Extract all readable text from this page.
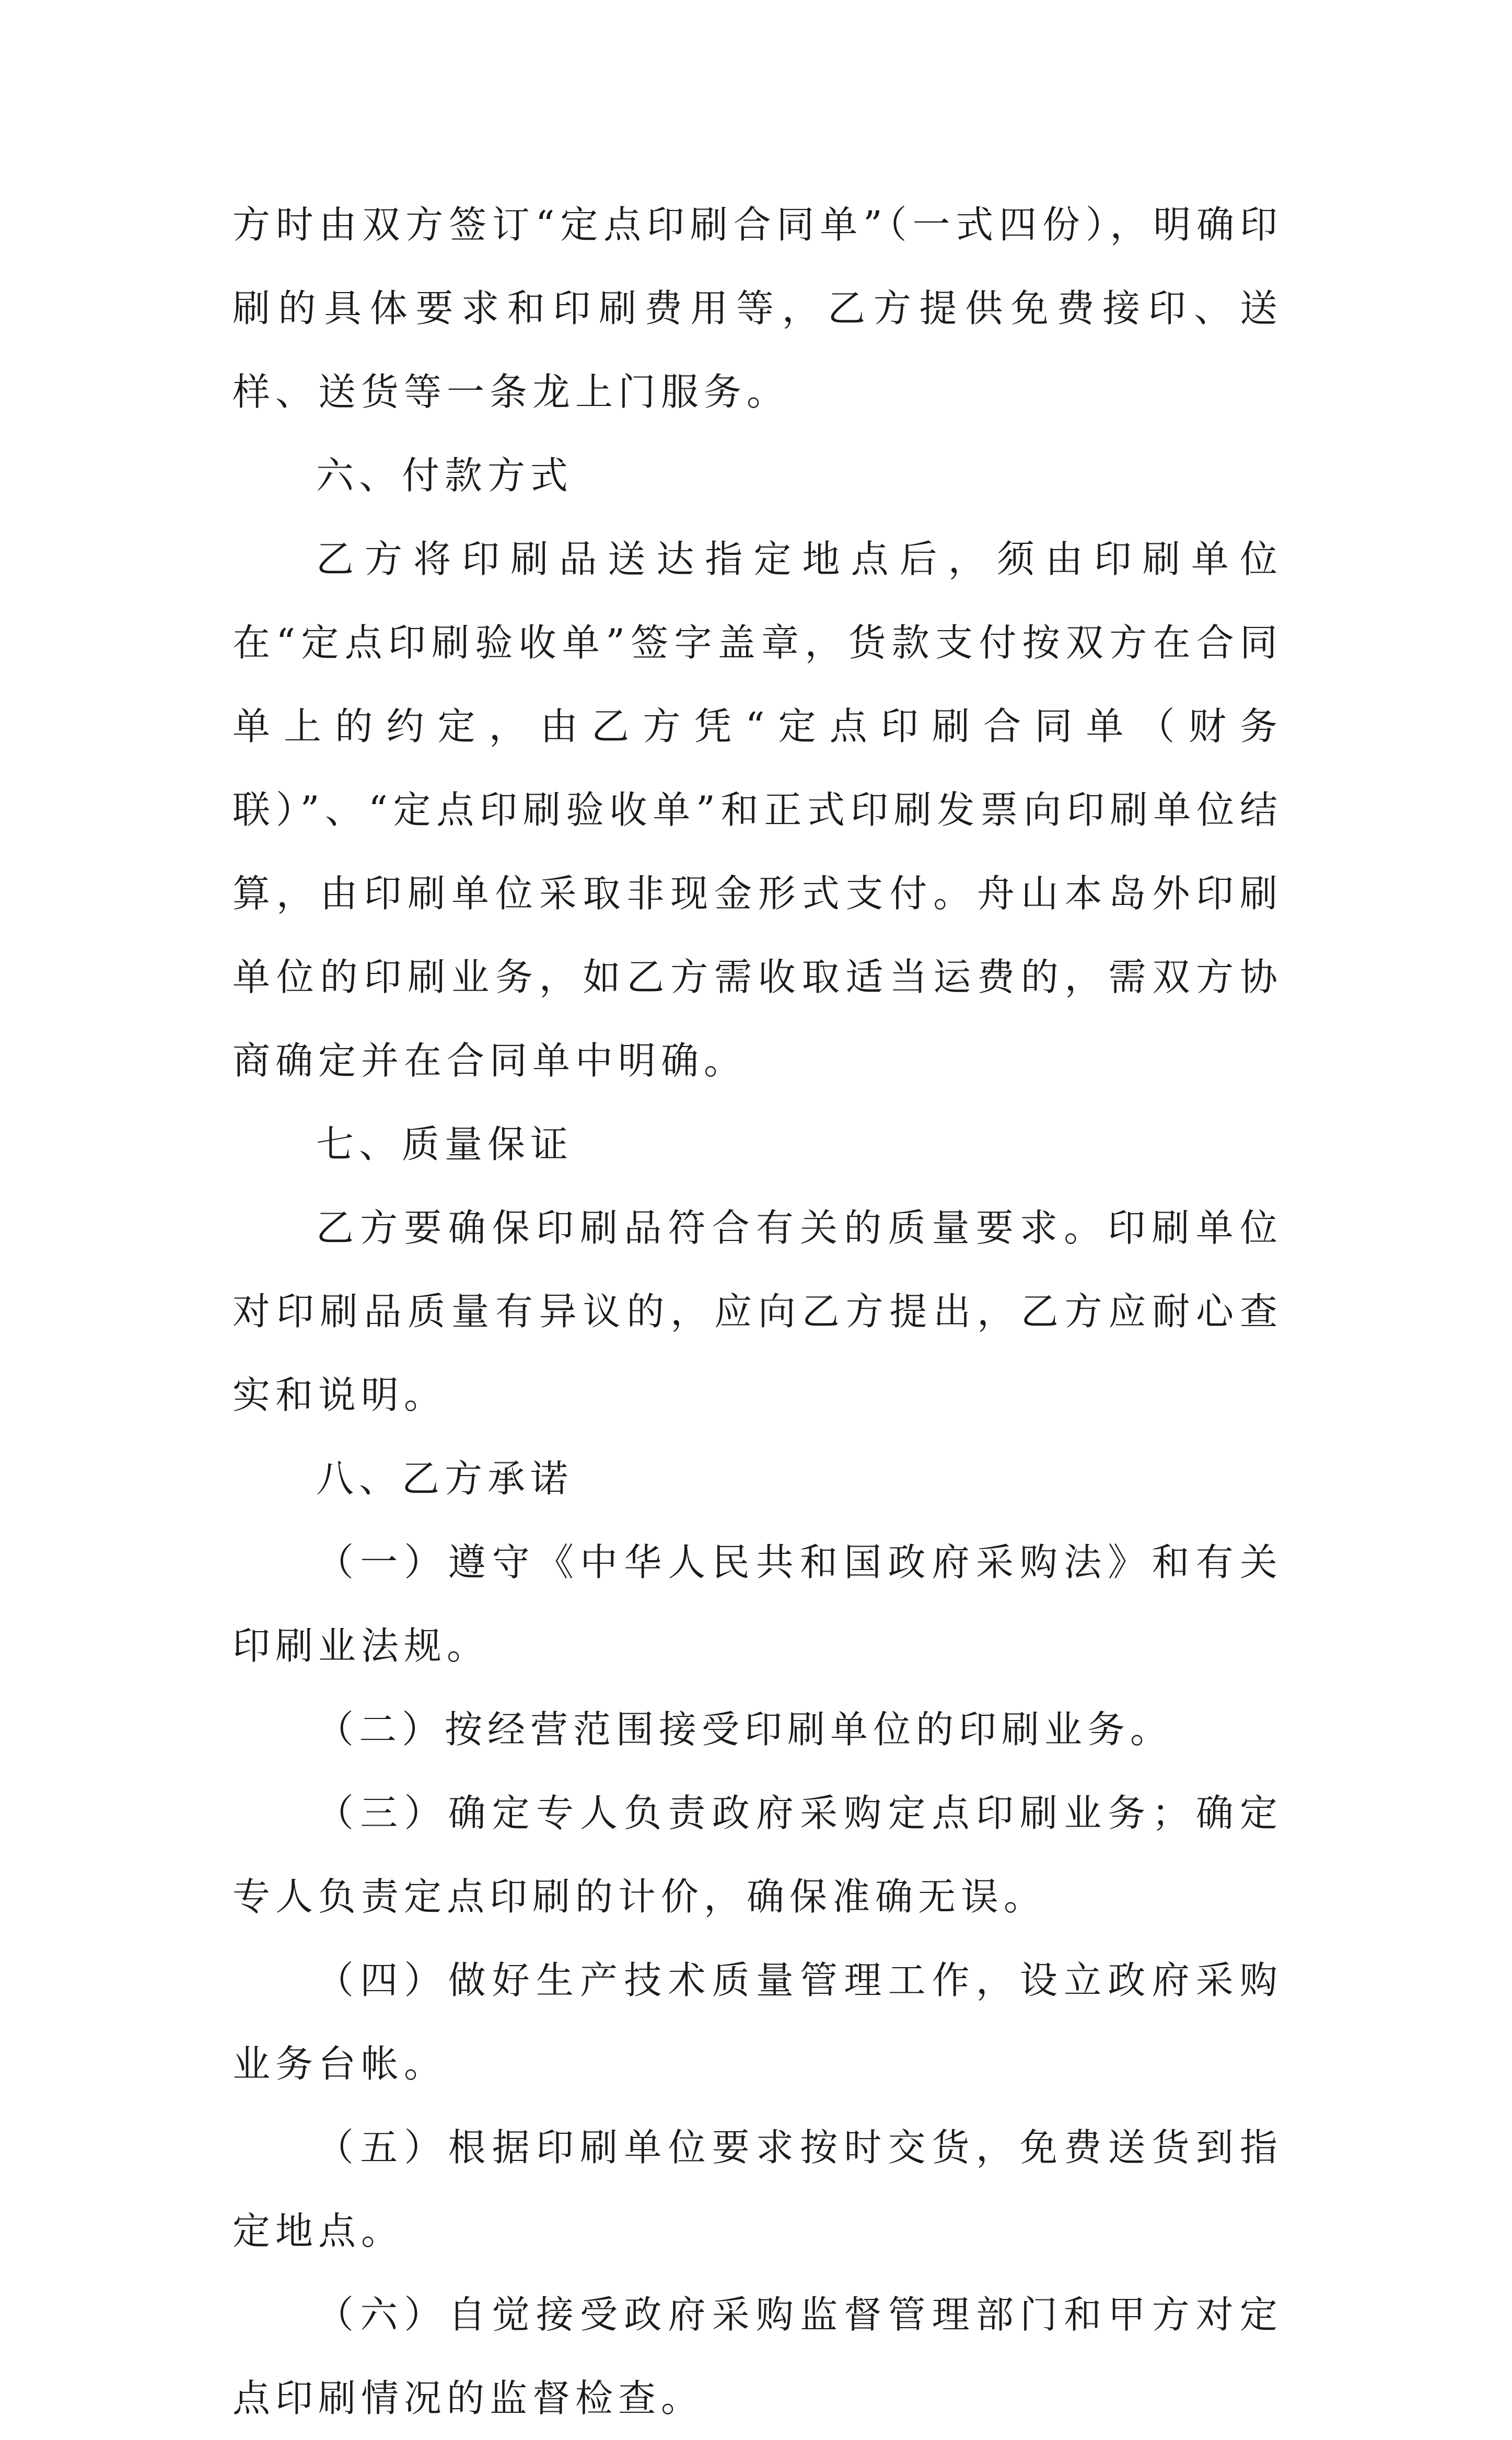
方时由双方签订“定点印刷合同单”（一式四份），明确印刷的具体要求和印刷费用等，乙方提供免费接印、送样、送货等一条龙上门服务。

六、付款方式

乙方将印刷品送达指定地点后，须由印刷单位在“定点印刷验收单”签字盖章，货款支付按双方在合同单上的约定，由乙方凭“定点印刷合同单（财务联）”、“定点印刷验收单”和正式印刷发票向印刷单位结算，由印刷单位采取非现金形式支付。舟山本岛外印刷单位的印刷业务，如乙方需收取适当运费的，需双方协商确定并在合同单中明确。

七、质量保证

乙方要确保印刷品符合有关的质量要求。印刷单位对印刷品质量有异议的，应向乙方提出，乙方应耐心查实和说明。

八、乙方承诺

（一）遵守《中华人民共和国政府采购法》和有关印刷业法规。

（二）按经营范围接受印刷单位的印刷业务。

（三）确定专人负责政府采购定点印刷业务；确定专人负责定点印刷的计价，确保准确无误。

（四）做好生产技术质量管理工作，设立政府采购业务台帐。

（五）根据印刷单位要求按时交货，免费送货到指定地点。

（六）自觉接受政府采购监督管理部门和甲方对定点印刷情况的监督检查。
